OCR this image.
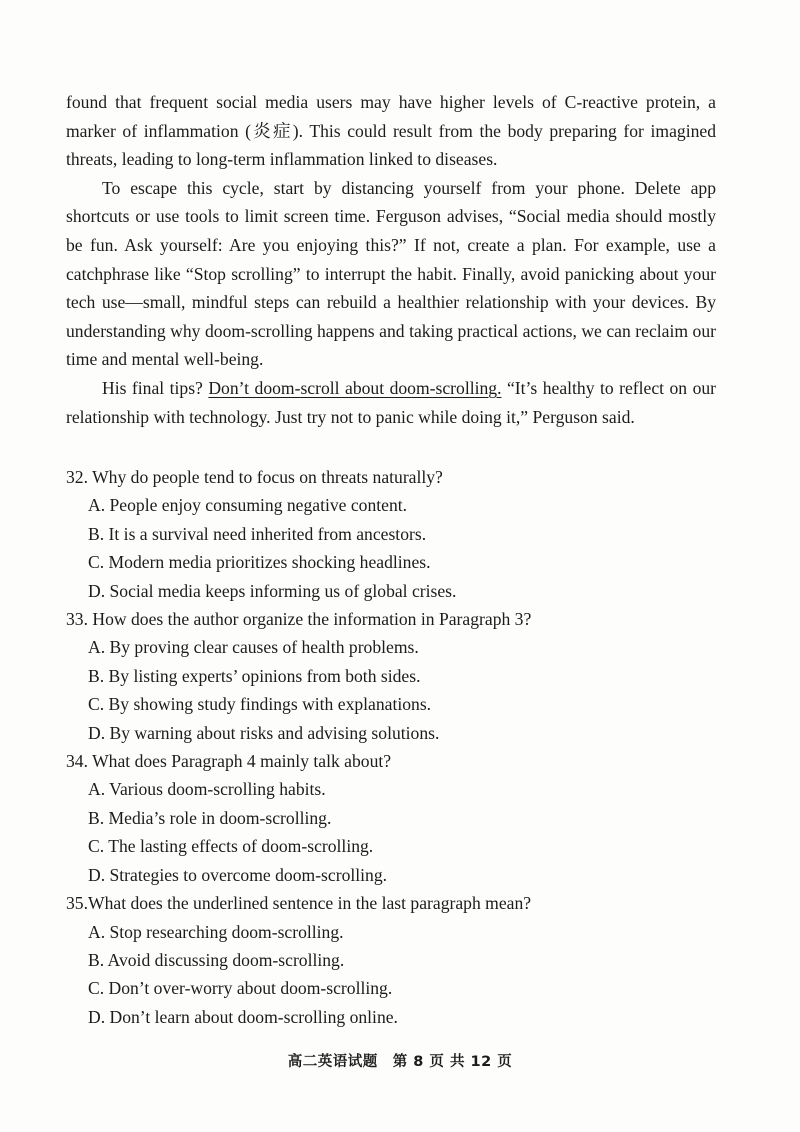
found that frequent social media users may have higher levels of C-reactive protein, a marker of inflammation (炎症). This could result from the body preparing for imagined threats, leading to long-term inflammation linked to diseases.

To escape this cycle, start by distancing yourself from your phone. Delete app shortcuts or use tools to limit screen time. Ferguson advises, “Social media should mostly be fun. Ask yourself: Are you enjoying this?” If not, create a plan. For example, use a catchphrase like “Stop scrolling” to interrupt the habit. Finally, avoid panicking about your tech use—small, mindful steps can rebuild a healthier relationship with your devices. By understanding why doom-scrolling happens and taking practical actions, we can reclaim our time and mental well-being.

His final tips? Don’t doom-scroll about doom-scrolling. “It’s healthy to reflect on our relationship with technology. Just try not to panic while doing it,” Perguson said.

32. Why do people tend to focus on threats naturally?

A. People enjoy consuming negative content.

B. It is a survival need inherited from ancestors.

C. Modern media prioritizes shocking headlines.

D. Social media keeps informing us of global crises.

33. How does the author organize the information in Paragraph 3?

A. By proving clear causes of health problems.

B. By listing experts’ opinions from both sides.

C. By showing study findings with explanations.

D. By warning about risks and advising solutions.

34. What does Paragraph 4 mainly talk about?

A. Various doom-scrolling habits.

B. Media’s role in doom-scrolling.

C. The lasting effects of doom-scrolling.

D. Strategies to overcome doom-scrolling.

35.What does the underlined sentence in the last paragraph mean?

A. Stop researching doom-scrolling.

B. Avoid discussing doom-scrolling.

C. Don’t over-worry about doom-scrolling.

D. Don’t learn about doom-scrolling online.

高二英语试题　第 8 页 共 12 页
